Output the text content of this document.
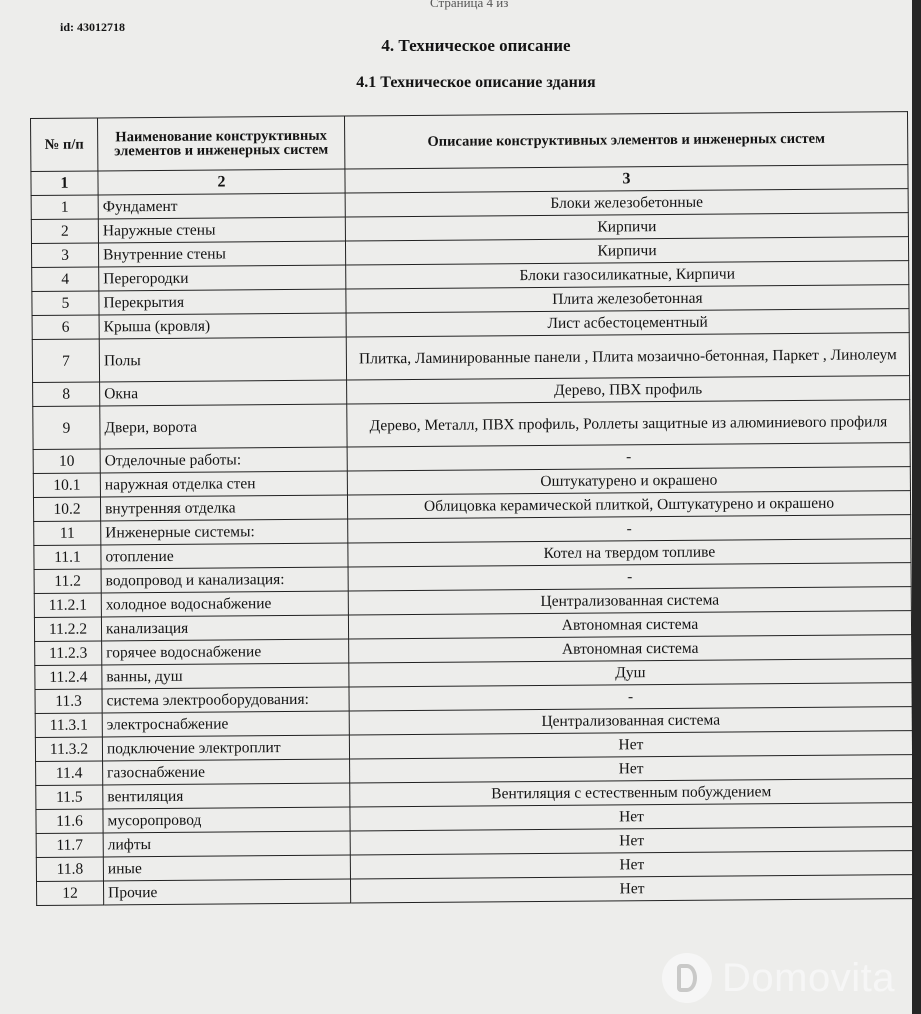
Страница 4 из
id: 43012718
4. Техническое описание
4.1 Техническое описание здания
№ п/п	Наименование конструктивных элементов и инженерных систем	Описание конструктивных элементов и инженерных систем
1	2	3
1	Фундамент	Блоки железобетонные
2	Наружные стены	Кирпичи
3	Внутренние стены	Кирпичи
4	Перегородки	Блоки газосиликатные, Кирпичи
5	Перекрытия	Плита железобетонная
6	Крыша (кровля)	Лист асбестоцементный
7	Полы	Плитка, Ламинированные панели , Плита мозаично-бетонная, Паркет , Линолеум
8	Окна	Дерево, ПВХ профиль
9	Двери, ворота	Дерево, Металл, ПВХ профиль, Роллеты защитные из алюминиевого профиля
10	Отделочные работы:	-
10.1	наружная отделка стен	Оштукатурено и окрашено
10.2	внутренняя отделка	Облицовка керамической плиткой, Оштукатурено и окрашено
11	Инженерные системы:	-
11.1	отопление	Котел на твердом топливе
11.2	водопровод и канализация:	-
11.2.1	холодное водоснабжение	Централизованная система
11.2.2	канализация	Автономная система
11.2.3	горячее водоснабжение	Автономная система
11.2.4	ванны, душ	Душ
11.3	система электрооборудования:	-
11.3.1	электроснабжение	Централизованная система
11.3.2	подключение электроплит	Нет
11.4	газоснабжение	Нет
11.5	вентиляция	Вентиляция с естественным побуждением
11.6	мусоропровод	Нет
11.7	лифты	Нет
11.8	иные	Нет
12	Прочие	Нет
Domovita
